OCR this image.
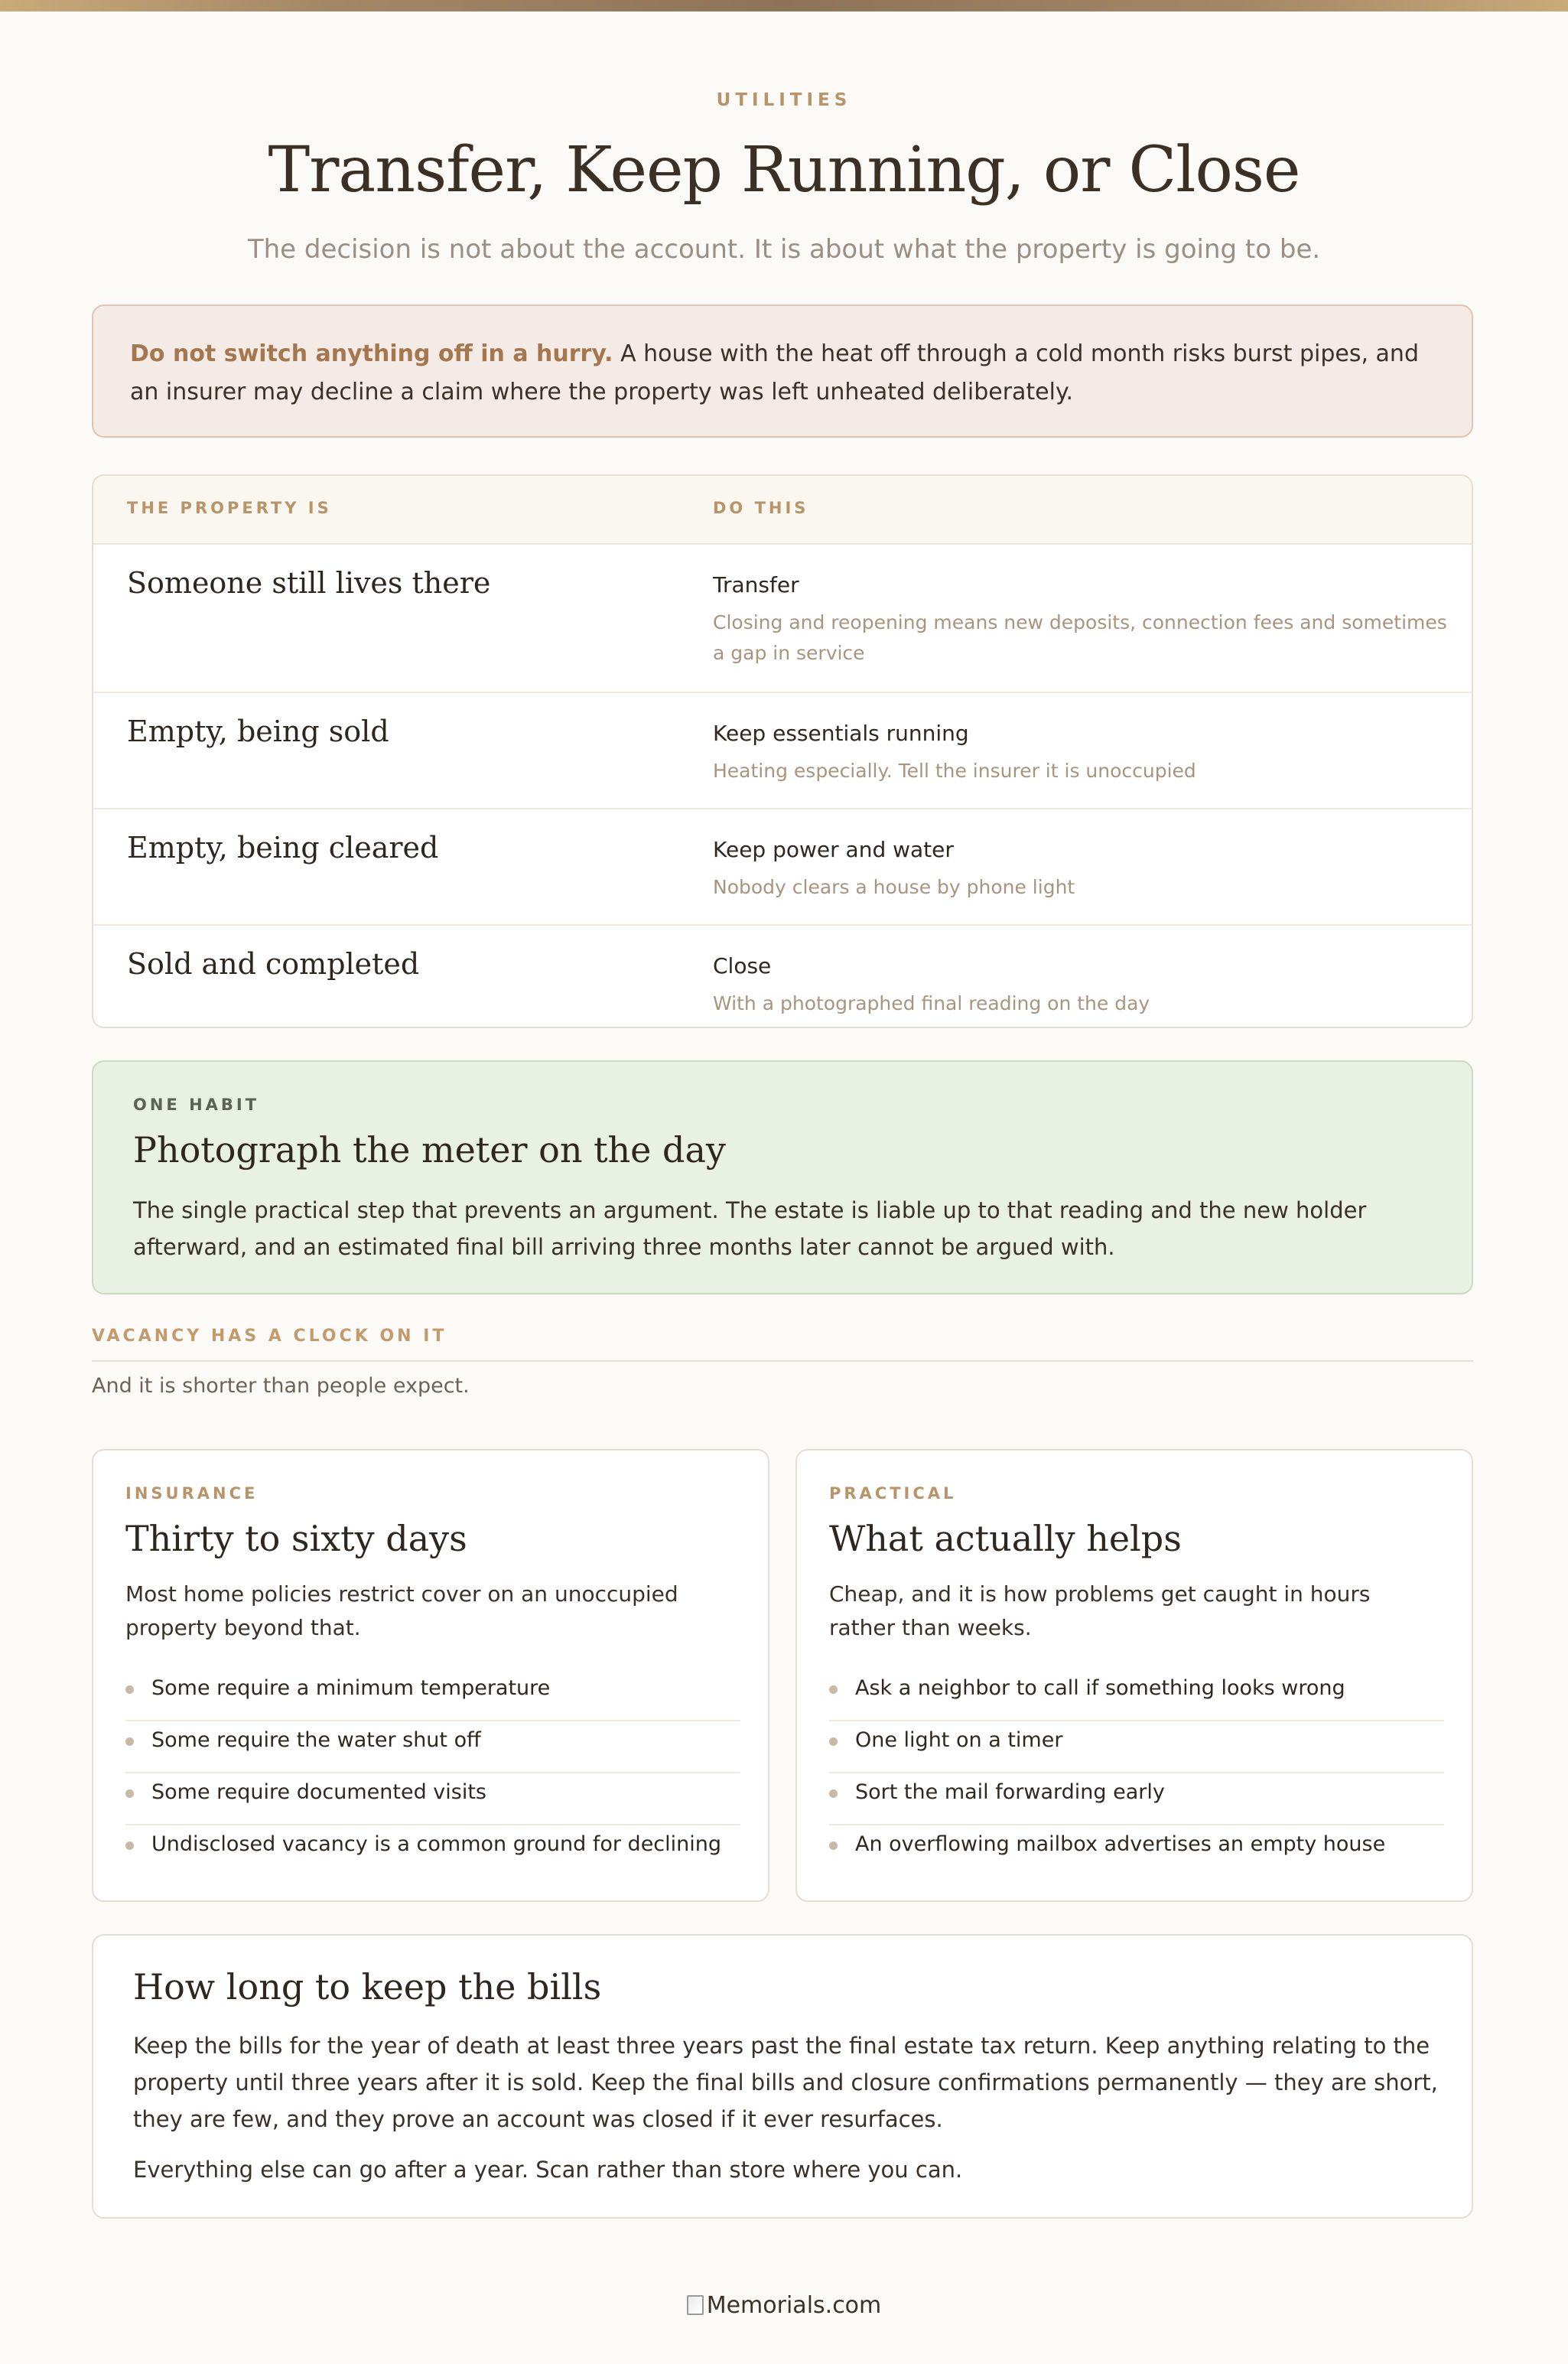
UTILITIES
Transfer, Keep Running, or Close
The decision is not about the account. It is about what the property is going to be.
Do not switch anything off in a hurry. A house with the heat off through a cold month risks burst pipes, and an insurer may decline a claim where the property was left unheated deliberately.
THE PROPERTY IS	DO THIS
Someone still lives there	Transfer
Closing and reopening means new deposits, connection fees and sometimes a gap in service
Empty, being sold	Keep essentials running
Heating especially. Tell the insurer it is unoccupied
Empty, being cleared	Keep power and water
Nobody clears a house by phone light
Sold and completed	Close
With a photographed final reading on the day
ONE HABIT
Photograph the meter on the day
The single practical step that prevents an argument. The estate is liable up to that reading and the new holder afterward, and an estimated final bill arriving three months later cannot be argued with.
VACANCY HAS A CLOCK ON IT
And it is shorter than people expect.
INSURANCE
Thirty to sixty days
Most home policies restrict cover on an unoccupied property beyond that.
Some require a minimum temperature
Some require the water shut off
Some require documented visits
Undisclosed vacancy is a common ground for declining
PRACTICAL
What actually helps
Cheap, and it is how problems get caught in hours rather than weeks.
Ask a neighbor to call if something looks wrong
One light on a timer
Sort the mail forwarding early
An overflowing mailbox advertises an empty house
How long to keep the bills
Keep the bills for the year of death at least three years past the final estate tax return. Keep anything relating to the property until three years after it is sold. Keep the final bills and closure confirmations permanently — they are short, they are few, and they prove an account was closed if it ever resurfaces.
Everything else can go after a year. Scan rather than store where you can.
Memorials.com
